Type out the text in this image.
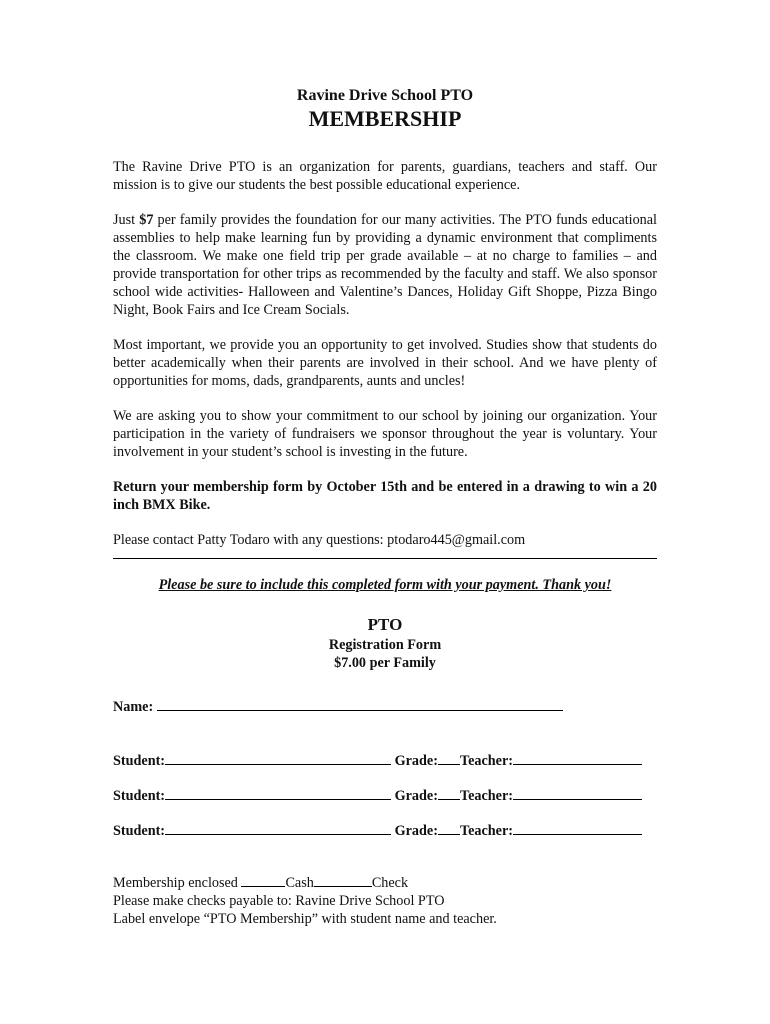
Ravine Drive School PTO
MEMBERSHIP

The Ravine Drive PTO is an organization for parents, guardians, teachers and staff. Our mission is to give our students the best possible educational experience.

Just $7 per family provides the foundation for our many activities. The PTO funds educational assemblies to help make learning fun by providing a dynamic environment that compliments the classroom. We make one field trip per grade available – at no charge to families – and provide transportation for other trips as recommended by the faculty and staff. We also sponsor school wide activities- Halloween and Valentine’s Dances, Holiday Gift Shoppe, Pizza Bingo Night, Book Fairs and Ice Cream Socials.

Most important, we provide you an opportunity to get involved. Studies show that students do better academically when their parents are involved in their school. And we have plenty of opportunities for moms, dads, grandparents, aunts and uncles!

We are asking you to show your commitment to our school by joining our organization. Your participation in the variety of fundraisers we sponsor throughout the year is voluntary. Your involvement in your student’s school is investing in the future.

Return your membership form by October 15th and be entered in a drawing to win a 20 inch BMX Bike.

Please contact Patty Todaro with any questions: ptodaro445@gmail.com

Please be sure to include this completed form with your payment. Thank you!
PTO
Registration Form
$7.00 per Family
Name:
Student:	Grade: Teacher:
Student:	Grade: Teacher:
Student:	Grade: Teacher:
Membership enclosed	Cash	Check
Please make checks payable to: Ravine Drive School PTO
Label envelope “PTO Membership” with student name and teacher.
